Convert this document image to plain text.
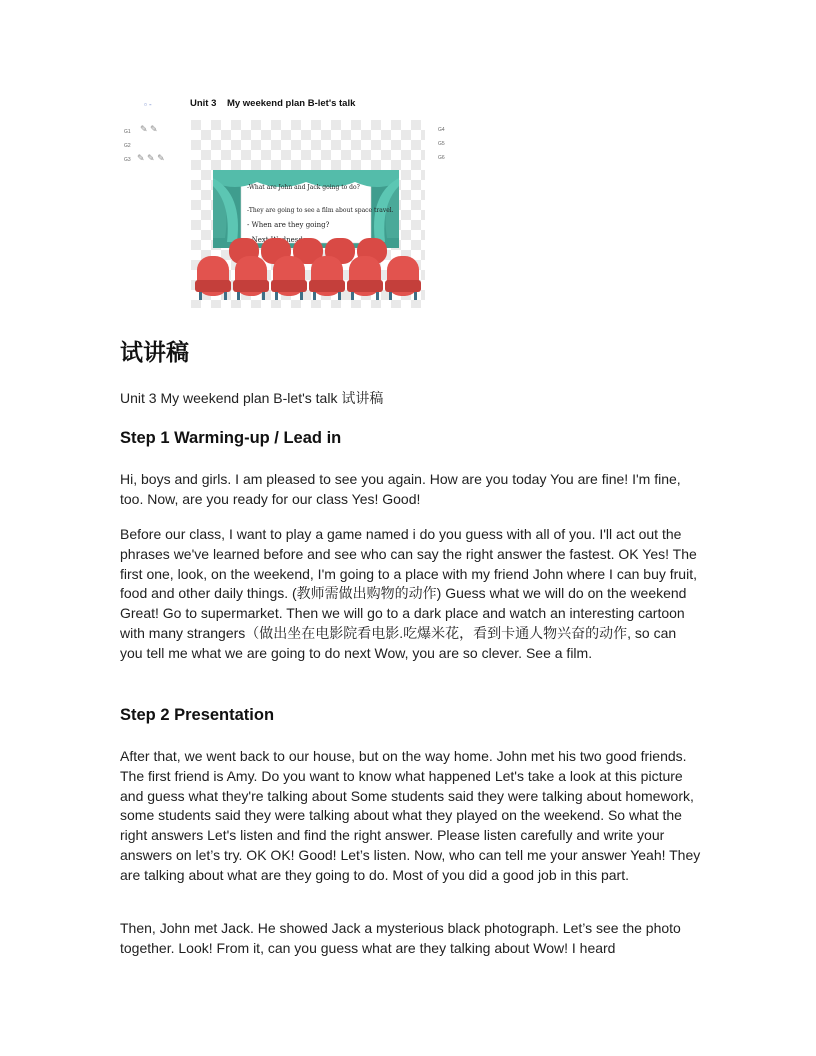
▫ -	Unit 3    My weekend plan B-let's talk
G1
G2
G3
✎ ✎
✎ ✎ ✎
G4
G5
G6
-What are John and Jack going to do?
-They are going to see a film about space travel.
- When are they going?
Next Wednesday.
试讲稿
Unit 3 My weekend plan B-let's talk 试讲稿
Step 1 Warming-up / Lead in

Hi, boys and girls. I am pleased to see you again. How are you today You are fine! I'm fine, too. Now, are you ready for our class Yes! Good!

Before our class, I want to play a game named i do you guess with all of you. I'll act out the phrases we've learned before and see who can say the right answer the fastest. OK Yes! The first one, look, on the weekend, I'm going to a place with my friend John where I can buy fruit, food and other daily things. (教师需做出购物的动作) Guess what we will do on the weekend Great! Go to supermarket. Then we will go to a dark place and watch an interesting cartoon with many strangers（做出坐在电影院看电影.吃爆米花，看到卡通人物兴奋的动作, so can you tell me what we are going to do next Wow, you are so clever. See a film.

Step 2 Presentation

After that, we went back to our house, but on the way home. John met his two good friends. The first friend is Amy. Do you want to know what happened Let's take a look at this picture and guess what they're talking about Some students said they were talking about homework, some students said they were talking about what they played on the weekend. So what the right answers Let's listen and find the right answer. Please listen carefully and write your answers on let’s try. OK OK! Good! Let’s listen. Now, who can tell me your answer Yeah! They are talking about what are they going to do. Most of you did a good job in this part.

Then, John met Jack. He showed Jack a mysterious black photograph. Let’s see the photo together. Look! From it, can you guess what are they talking about Wow! I heard
